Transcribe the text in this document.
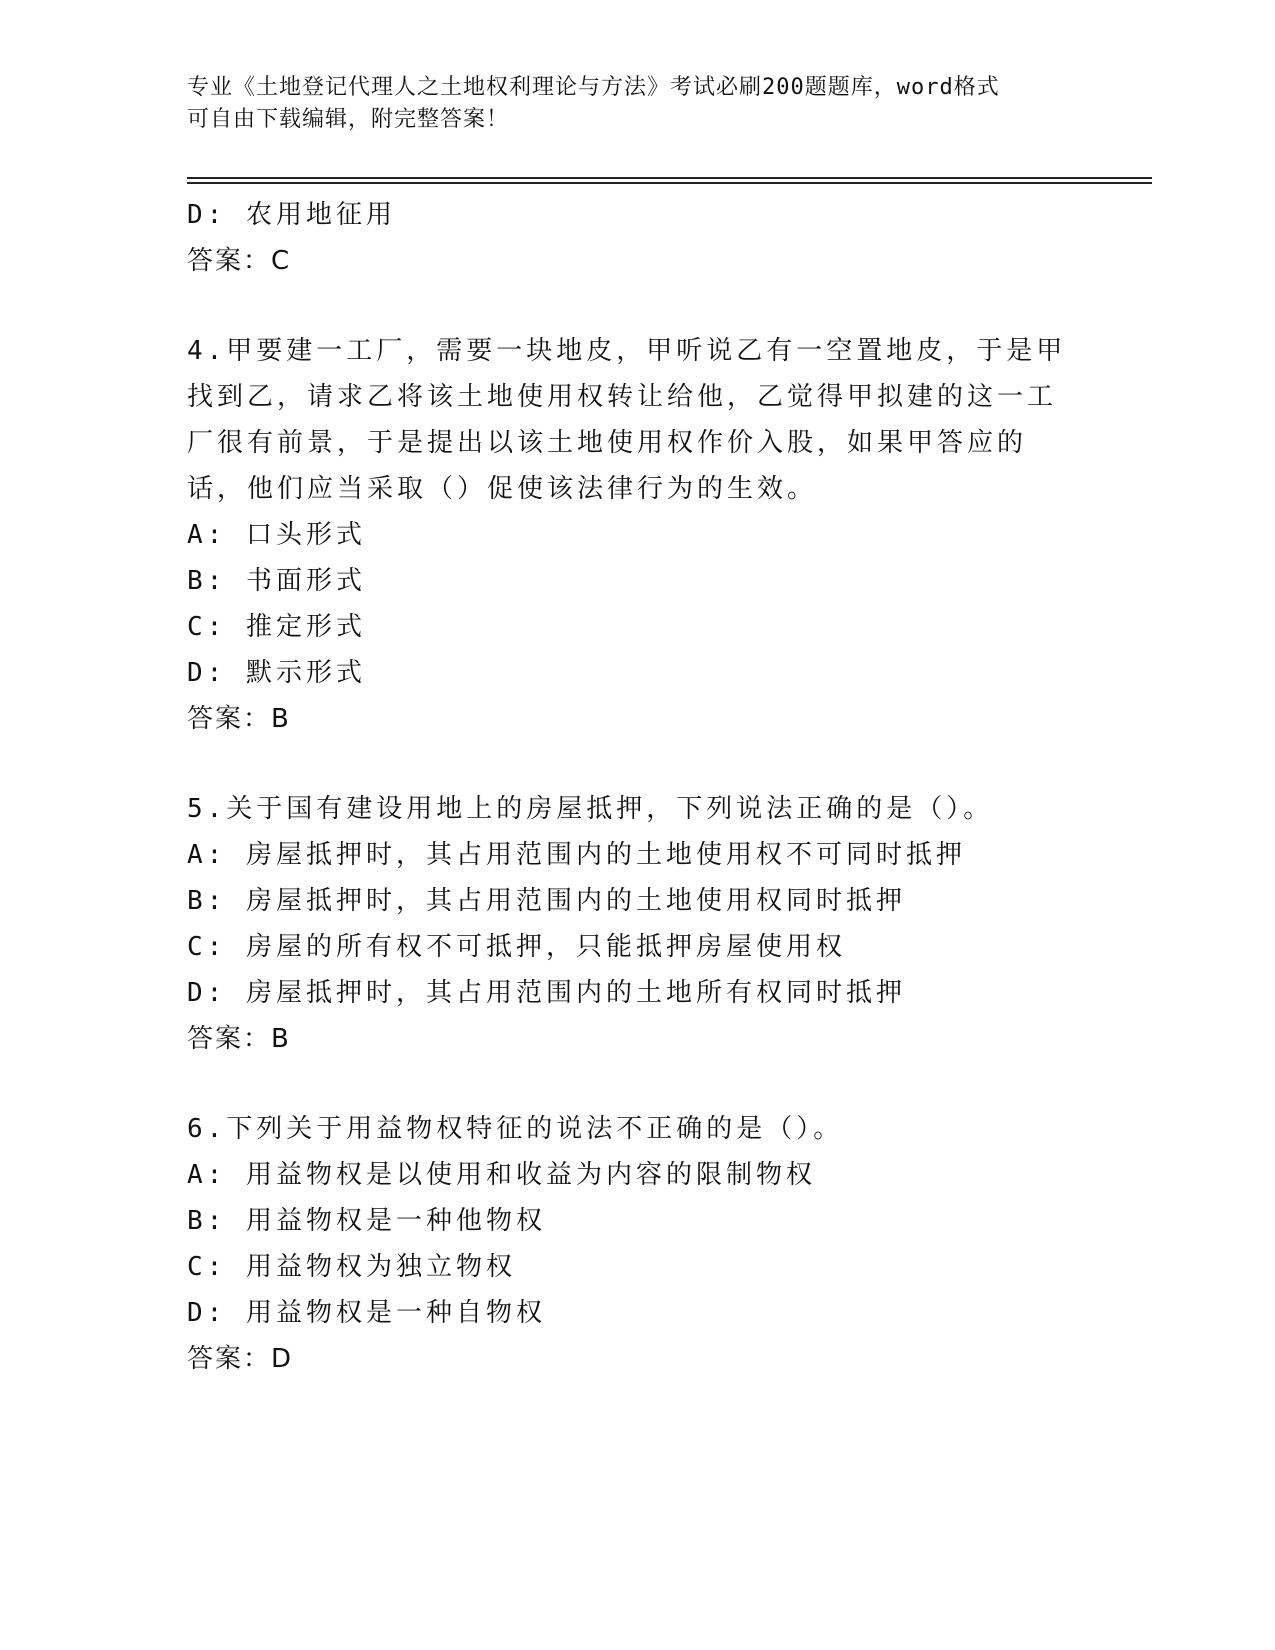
专业《土地登记代理人之土地权利理论与方法》考试必刷200题题库，word格式
可自由下载编辑，附完整答案！
D: 农用地征用
答案：C
4.甲要建一工厂，需要一块地皮，甲听说乙有一空置地皮，于是甲找到乙，请求乙将该土地使用权转让给他，乙觉得甲拟建的这一工厂很有前景，于是提出以该土地使用权作价入股，如果甲答应的话，他们应当采取（）促使该法律行为的生效。
A: 口头形式
B: 书面形式
C: 推定形式
D: 默示形式
答案：B
5.关于国有建设用地上的房屋抵押，下列说法正确的是（）。
A: 房屋抵押时，其占用范围内的土地使用权不可同时抵押
B: 房屋抵押时，其占用范围内的土地使用权同时抵押
C: 房屋的所有权不可抵押，只能抵押房屋使用权
D: 房屋抵押时，其占用范围内的土地所有权同时抵押
答案：B
6.下列关于用益物权特征的说法不正确的是（）。
A: 用益物权是以使用和收益为内容的限制物权
B: 用益物权是一种他物权
C: 用益物权为独立物权
D: 用益物权是一种自物权
答案：D
